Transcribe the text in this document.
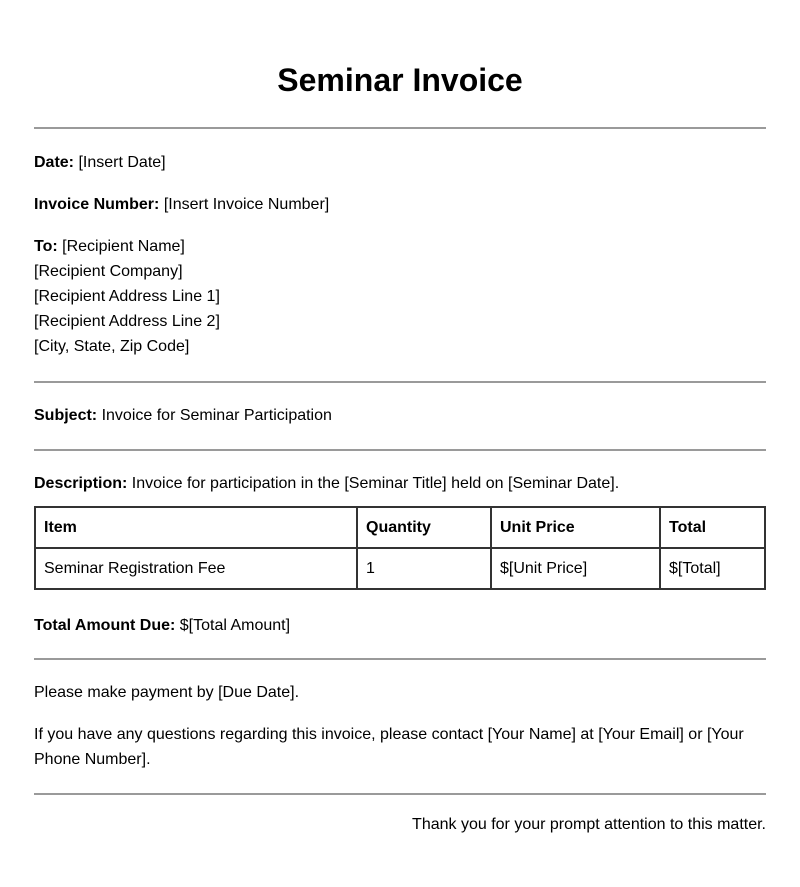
Seminar Invoice
Date: [Insert Date]
Invoice Number: [Insert Invoice Number]
To: [Recipient Name]
[Recipient Company]
[Recipient Address Line 1]
[Recipient Address Line 2]
[City, State, Zip Code]
Subject: Invoice for Seminar Participation
Description: Invoice for participation in the [Seminar Title] held on [Seminar Date].
Item	Quantity	Unit Price	Total
Seminar Registration Fee	1	$[Unit Price]	$[Total]
Total Amount Due: $[Total Amount]
Please make payment by [Due Date].
If you have any questions regarding this invoice, please contact [Your Name] at [Your Email] or [Your Phone Number].
Thank you for your prompt attention to this matter.
